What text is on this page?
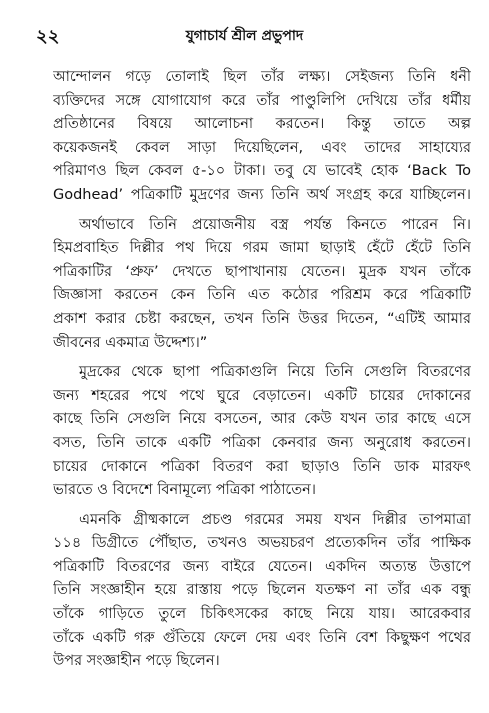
২২	যুগাচার্য শ্রীল প্রভুপাদ
আন্দোলন গড়ে তোলাই ছিল তাঁর লক্ষ্য। সেইজন্য তিনি ধনী
ব্যক্তিদের সঙ্গে যোগাযোগ করে তাঁর পাণ্ডুলিপি দেখিয়ে তাঁর ধর্মীয়
প্রতিষ্ঠানের বিষয়ে আলোচনা করতেন। কিন্তু তাতে অল্প
কয়েকজনই কেবল সাড়া দিয়েছিলেন, এবং তাদের সাহায্যের
পরিমাণও ছিল কেবল ৫-১০ টাকা। তবু যে ভাবেই হোক ‘Back To
Godhead’ পত্রিকাটি মুদ্রণের জন্য তিনি অর্থ সংগ্রহ করে যাচ্ছিলেন।
অর্থাভাবে তিনি প্রয়োজনীয় বস্ত্র পর্যন্ত কিনতে পারেন নি।
হিমপ্রবাহিত দিল্লীর পথ দিয়ে গরম জামা ছাড়াই হেঁটে হেঁটে তিনি
পত্রিকাটির ‘প্রুফ’ দেখতে ছাপাখানায় যেতেন। মুদ্রক যখন তাঁকে
জিজ্ঞাসা করতেন কেন তিনি এত কঠোর পরিশ্রম করে পত্রিকাটি
প্রকাশ করার চেষ্টা করছেন, তখন তিনি উত্তর দিতেন, “এটিই আমার
জীবনের একমাত্র উদ্দেশ্য।”
মুদ্রকের থেকে ছাপা পত্রিকাগুলি নিয়ে তিনি সেগুলি বিতরণের
জন্য শহরের পথে পথে ঘুরে বেড়াতেন। একটি চায়ের দোকানের
কাছে তিনি সেগুলি নিয়ে বসতেন, আর কেউ যখন তার কাছে এসে
বসত, তিনি তাকে একটি পত্রিকা কেনবার জন্য অনুরোধ করতেন।
চায়ের দোকানে পত্রিকা বিতরণ করা ছাড়াও তিনি ডাক মারফৎ
ভারতে ও বিদেশে বিনামূল্যে পত্রিকা পাঠাতেন।
এমনকি গ্রীষ্মকালে প্রচণ্ড গরমের সময় যখন দিল্লীর তাপমাত্রা
১১৪ ডিগ্রীতে পৌঁছাত, তখনও অভয়চরণ প্রত্যেকদিন তাঁর পাক্ষিক
পত্রিকাটি বিতরণের জন্য বাইরে যেতেন। একদিন অত্যন্ত উত্তাপে
তিনি সংজ্ঞাহীন হয়ে রাস্তায় পড়ে ছিলেন যতক্ষণ না তাঁর এক বন্ধু
তাঁকে গাড়িতে তুলে চিকিৎসকের কাছে নিয়ে যায়। আরেকবার
তাঁকে একটি গরু গুঁতিয়ে ফেলে দেয় এবং তিনি বেশ কিছুক্ষণ পথের
উপর সংজ্ঞাহীন পড়ে ছিলেন।
